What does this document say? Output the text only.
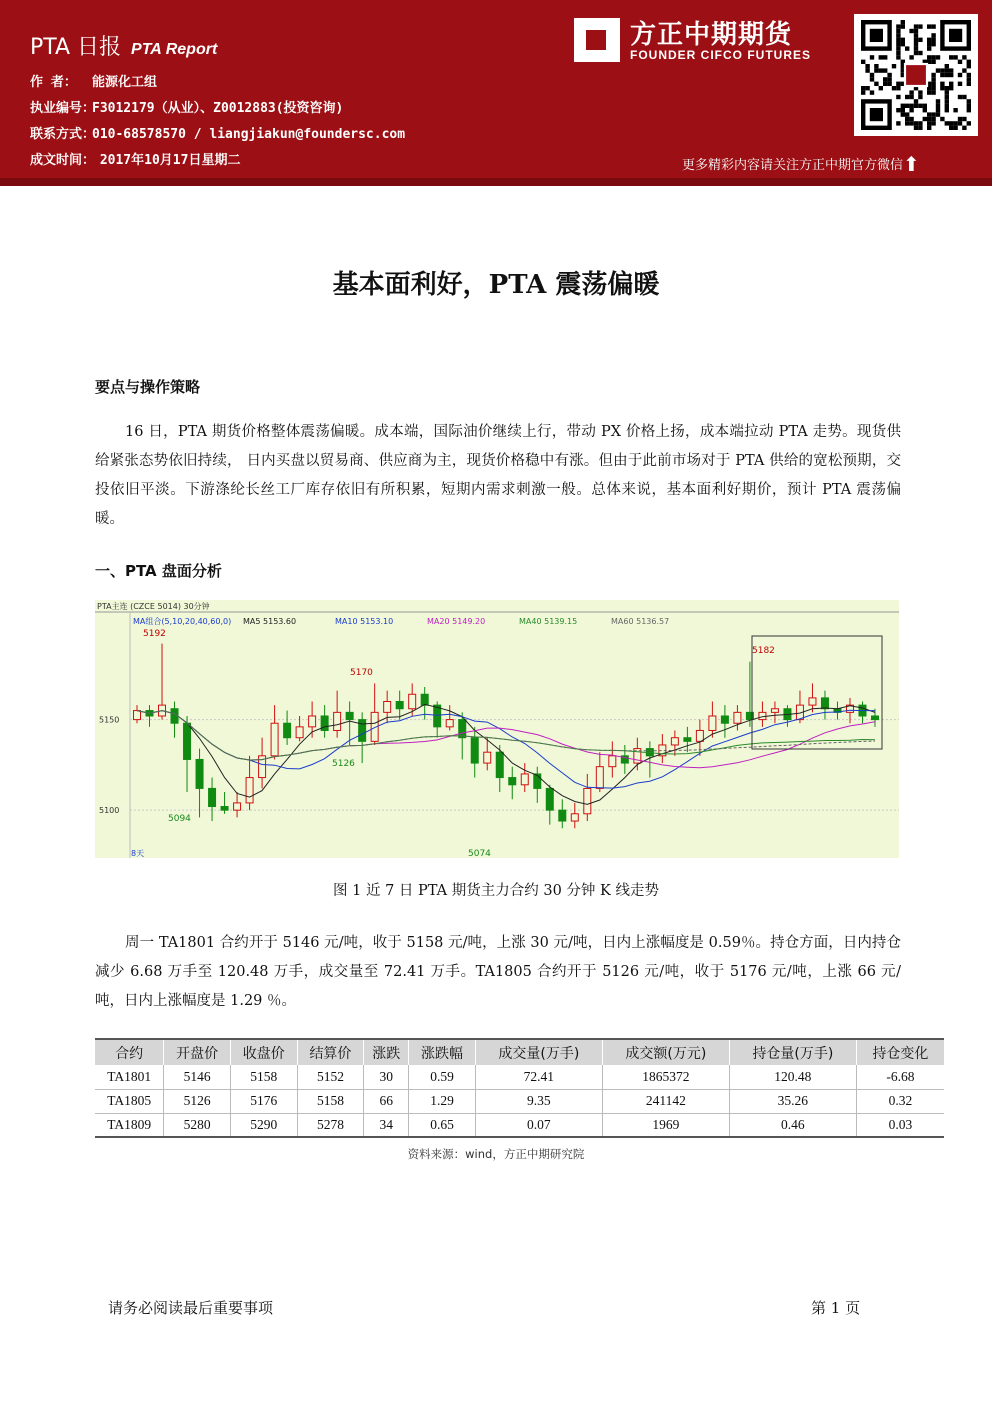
PTA 日报 PTA Report
作 者： 能源化工组
执业编号：F3012179（从业）、Z0012883(投资咨询)
联系方式：010-68578570 / liangjiakun@foundersc.com
成文时间： 2017年10月17日星期二
方正中期期货
FOUNDER CIFCO FUTURES
更多精彩内容请关注方正中期官方微信⬆
基本面利好，PTA 震荡偏暖
要点与操作策略
16 日，PTA 期货价格整体震荡偏暖。成本端，国际油价继续上行，带动 PX 价格上扬，成本端拉动 PTA 走势。现货供给紧张态势依旧持续， 日内买盘以贸易商、供应商为主，现货价格稳中有涨。但由于此前市场对于 PTA 供给的宽松预期，交投依旧平淡。下游涤纶长丝工厂库存依旧有所积累，短期内需求刺激一般。总体来说，基本面利好期价，预计 PTA 震荡偏暖。
一、PTA 盘面分析
PTA主连 (CZCE 5014) 30分钟
MA组合(5,10,20,40,60,0) MA5 5153.60	MA10 5153.10	MA20 5149.20	MA40 5139.15	MA60 5136.57
5150
5100
5192
5094
5170
5126
5074
5182
8天
图 1 近 7 日 PTA 期货主力合约 30 分钟 K 线走势
周一 TA1801 合约开于 5146 元/吨，收于 5158 元/吨，上涨 30 元/吨，日内上涨幅度是 0.59％。持仓方面，日内持仓减少 6.68 万手至 120.48 万手，成交量至 72.41 万手。TA1805 合约开于 5126 元/吨，收于 5176 元/吨，上涨 66 元/吨，日内上涨幅度是 1.29 ％。
合约	开盘价	收盘价	结算价	涨跌	涨跌幅	成交量(万手)	成交额(万元)	持仓量(万手)	持仓变化
TA1801	5146	5158	5152	30	0.59	72.41	1865372	120.48	-6.68
TA1805	5126	5176	5158	66	1.29	9.35	241142	35.26	0.32
TA1809	5280	5290	5278	34	0.65	0.07	1969	0.46	0.03
资料来源：wind，方正中期研究院
请务必阅读最后重要事项	第 1 页
